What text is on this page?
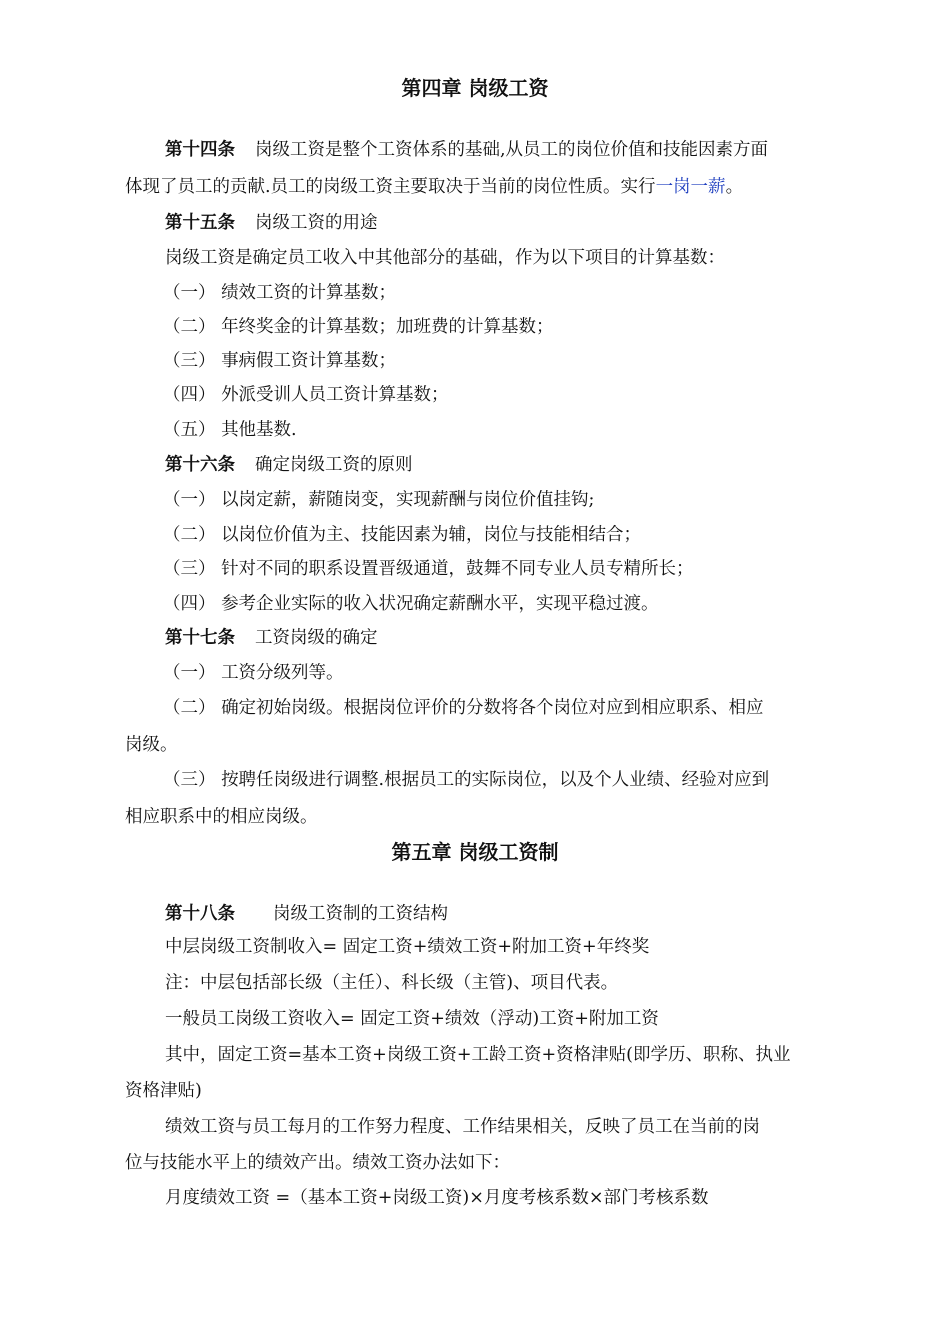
第四章 岗级工资
第十四条 岗级工资是整个工资体系的基础,从员工的岗位价值和技能因素方面
体现了员工的贡献.员工的岗级工资主要取决于当前的岗位性质。实行一岗一薪。
第十五条 岗级工资的用途
岗级工资是确定员工收入中其他部分的基础，作为以下项目的计算基数：
（一） 绩效工资的计算基数；
（二） 年终奖金的计算基数；加班费的计算基数；
（三） 事病假工资计算基数；
（四） 外派受训人员工资计算基数；
（五） 其他基数.
第十六条 确定岗级工资的原则
（一） 以岗定薪，薪随岗变，实现薪酬与岗位价值挂钩;
（二） 以岗位价值为主、技能因素为辅，岗位与技能相结合；
（三） 针对不同的职系设置晋级通道，鼓舞不同专业人员专精所长；
（四） 参考企业实际的收入状况确定薪酬水平，实现平稳过渡。
第十七条 工资岗级的确定
（一） 工资分级列等。
（二） 确定初始岗级。根据岗位评价的分数将各个岗位对应到相应职系、相应
岗级。
（三） 按聘任岗级进行调整.根据员工的实际岗位，以及个人业绩、经验对应到
相应职系中的相应岗级。
第五章 岗级工资制
第十八条 岗级工资制的工资结构
中层岗级工资制收入= 固定工资+绩效工资+附加工资+年终奖
注：中层包括部长级（主任）、科长级（主管)、项目代表。
一般员工岗级工资收入= 固定工资+绩效（浮动)工资+附加工资
其中，固定工资=基本工资+岗级工资+工龄工资+资格津贴(即学历、职称、执业
资格津贴)
绩效工资与员工每月的工作努力程度、工作结果相关，反映了员工在当前的岗
位与技能水平上的绩效产出。绩效工资办法如下：
月度绩效工资 =（基本工资+岗级工资)×月度考核系数×部门考核系数
